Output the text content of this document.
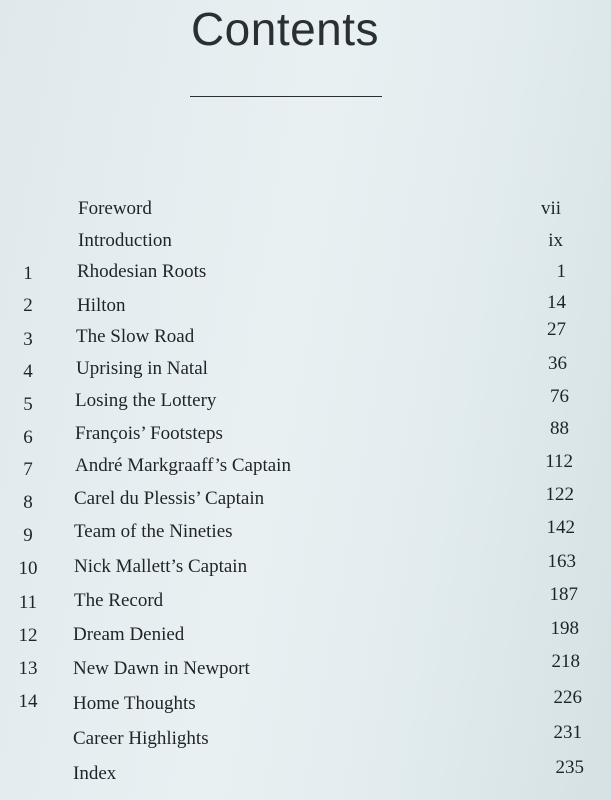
Contents
Foreword	vii
Introduction	ix
1	Rhodesian Roots	1
2	Hilton	14
3	The Slow Road	27
4	Uprising in Natal	36
5	Losing the Lottery	76
6	François’ Footsteps	88
7	André Markgraaff’s Captain	112
8	Carel du Plessis’ Captain	122
9	Team of the Nineties	142
10	Nick Mallett’s Captain	163
11	The Record	187
12	Dream Denied	198
13	New Dawn in Newport	218
14	Home Thoughts	226
Career Highlights	231
Index	235
